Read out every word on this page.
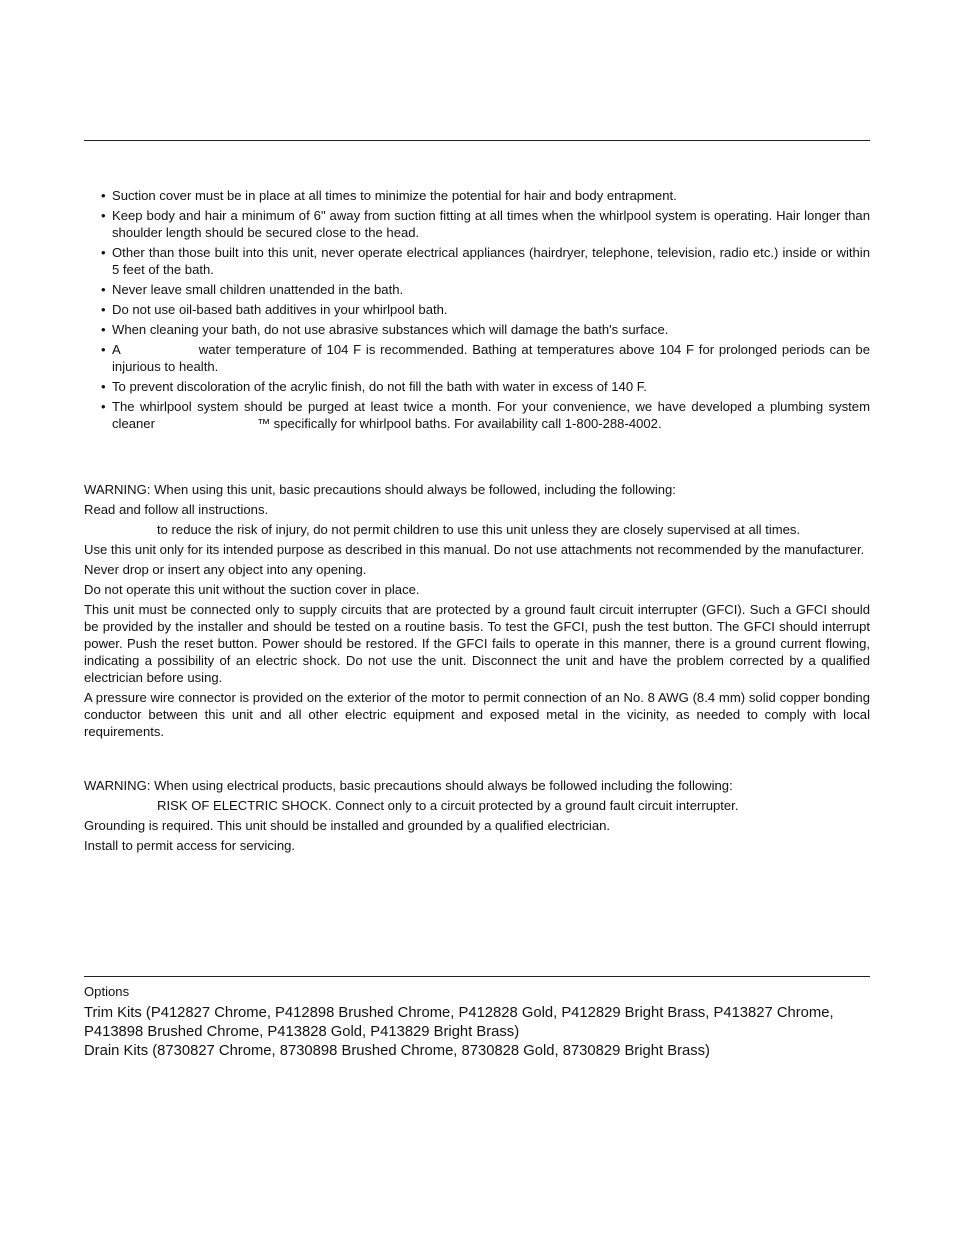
• Suction cover must be in place at all times to minimize the potential for hair and body entrapment.
• Keep body and hair a minimum of 6" away from suction fitting at all times when the whirlpool system is operating. Hair longer than shoulder length should be secured close to the head.
• Other than those built into this unit, never operate electrical appliances (hairdryer, telephone, television, radio etc.) inside or within 5 feet of the bath.
• Never leave small children unattended in the bath.
• Do not use oil-based bath additives in your whirlpool bath.
• When cleaning your bath, do not use abrasive substances which will damage the bath's surface.
• A	water temperature of 104 F is recommended. Bathing at temperatures above 104 F for prolonged periods can be injurious to health.
• To prevent discoloration of the acrylic finish, do not fill the bath with water in excess of 140 F.
• The whirlpool system should be purged at least twice a month. For your convenience, we have developed a plumbing system cleaner	™ specifically for whirlpool baths. For availability call 1-800-288-4002.

WARNING: When using this unit, basic precautions should always be followed, including the following:

Read and follow all instructions.

to reduce the risk of injury, do not permit children to use this unit unless they are closely supervised at all times.

Use this unit only for its intended purpose as described in this manual. Do not use attachments not recommended by the manufacturer.

Never drop or insert any object into any opening.

Do not operate this unit without the suction cover in place.

This unit must be connected only to supply circuits that are protected by a ground fault circuit interrupter (GFCI). Such a GFCI should be provided by the installer and should be tested on a routine basis. To test the GFCI, push the test button. The GFCI should interrupt power. Push the reset button. Power should be restored. If the GFCI fails to operate in this manner, there is a ground current flowing, indicating a possibility of an electric shock. Do not use the unit. Disconnect the unit and have the problem corrected by a qualified electrician before using.

A pressure wire connector is provided on the exterior of the motor to permit connection of an No. 8 AWG (8.4 mm) solid copper bonding conductor between this unit and all other electric equipment and exposed metal in the vicinity, as needed to comply with local requirements.

WARNING: When using electrical products, basic precautions should always be followed including the following:

RISK OF ELECTRIC SHOCK. Connect only to a circuit protected by a ground fault circuit interrupter.

Grounding is required. This unit should be installed and grounded by a qualified electrician.

Install to permit access for servicing.

Options

Trim Kits (P412827 Chrome, P412898 Brushed Chrome, P412828 Gold, P412829 Bright Brass, P413827 Chrome, P413898 Brushed Chrome, P413828 Gold, P413829 Bright Brass)

Drain Kits (8730827 Chrome, 8730898 Brushed Chrome, 8730828 Gold, 8730829 Bright Brass)
